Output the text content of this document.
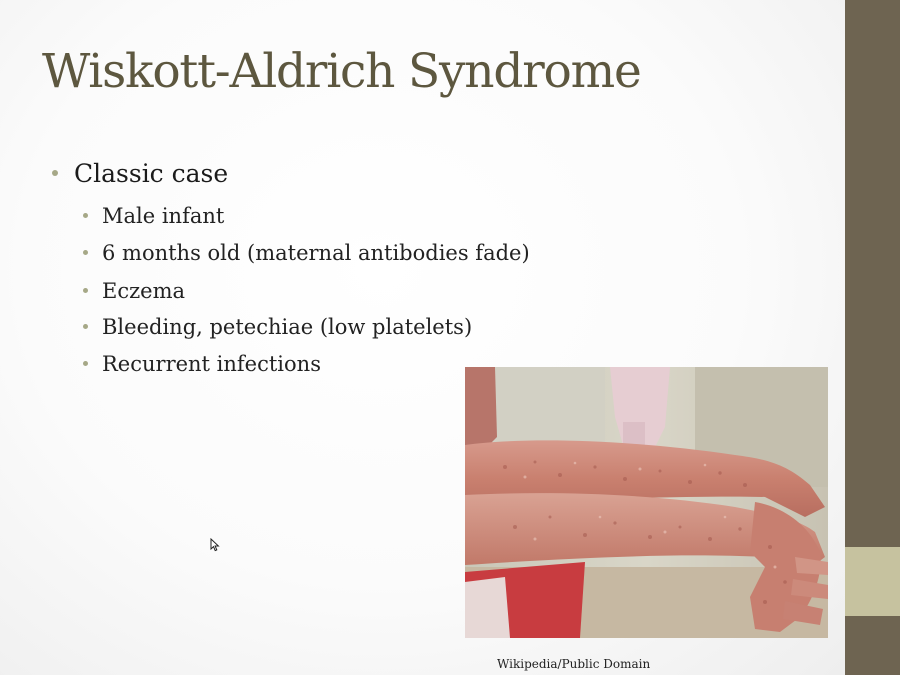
Wiskott-Aldrich Syndrome
Classic case
Male infant
6 months old (maternal antibodies fade)
Eczema
Bleeding, petechiae (low platelets)
Recurrent infections
Wikipedia/Public Domain
